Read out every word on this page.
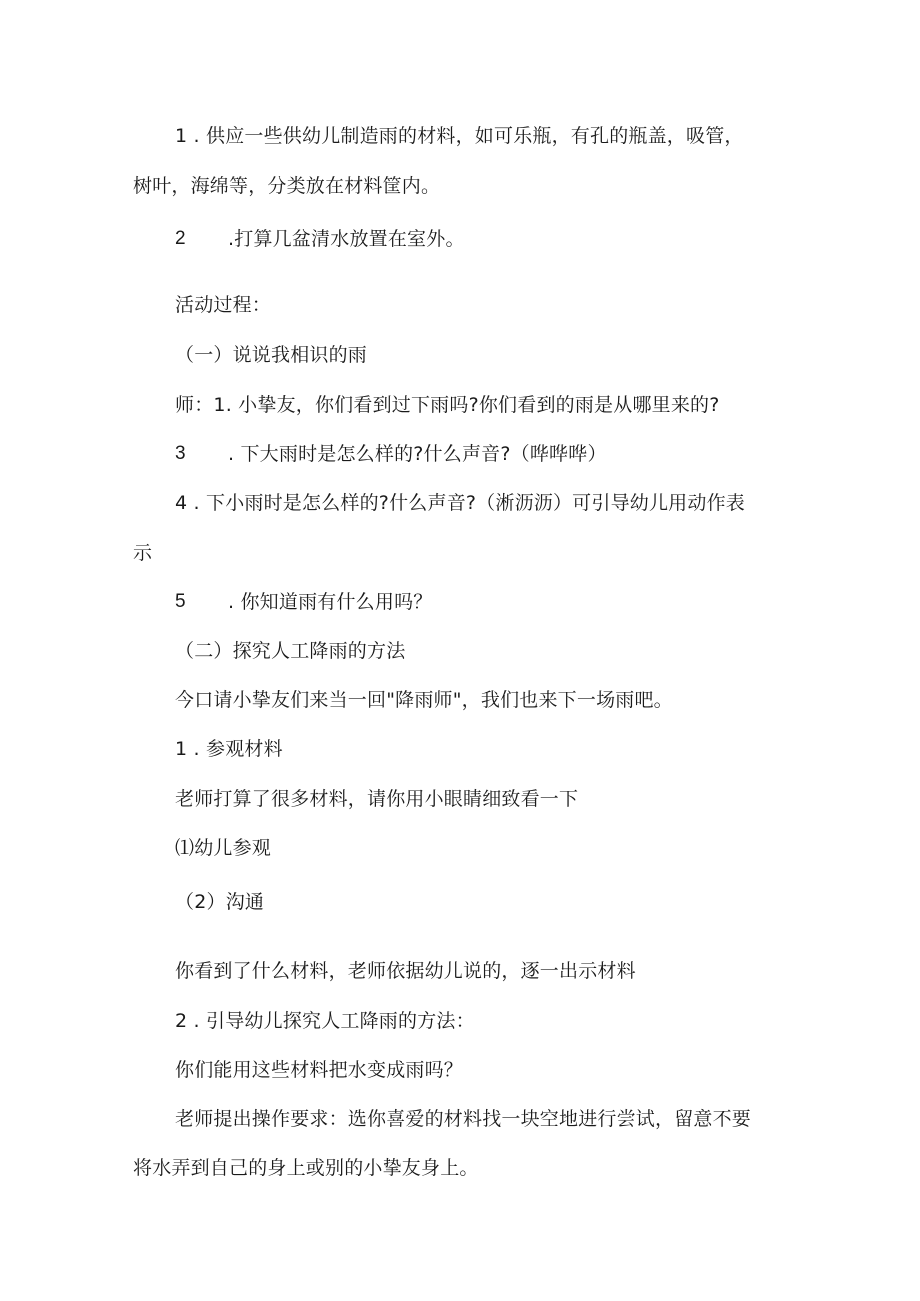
1 . 供应一些供幼儿制造雨的材料，如可乐瓶，有孔的瓶盖，吸管，
树叶，海绵等，分类放在材料筐内。
2 .打算几盆清水放置在室外。
活动过程：
（一）说说我相识的雨
师：1. 小挚友，你们看到过下雨吗?你们看到的雨是从哪里来的?
3 . 下大雨时是怎么样的?什么声音?（哗哗哗）
4 . 下小雨时是怎么样的?什么声音?（淅沥沥）可引导幼儿用动作表
示
5 . 你知道雨有什么用吗？
（二）探究人工降雨的方法
今口请小挚友们来当一回"降雨师"，我们也来下一场雨吧。
1 . 参观材料
老师打算了很多材料，请你用小眼睛细致看一下
⑴幼儿参观
（2）沟通
你看到了什么材料，老师依据幼儿说的，逐一出示材料
2 . 引导幼儿探究人工降雨的方法：
你们能用这些材料把水变成雨吗？
老师提出操作要求：选你喜爱的材料找一块空地进行尝试，留意不要
将水弄到自己的身上或别的小挚友身上。
